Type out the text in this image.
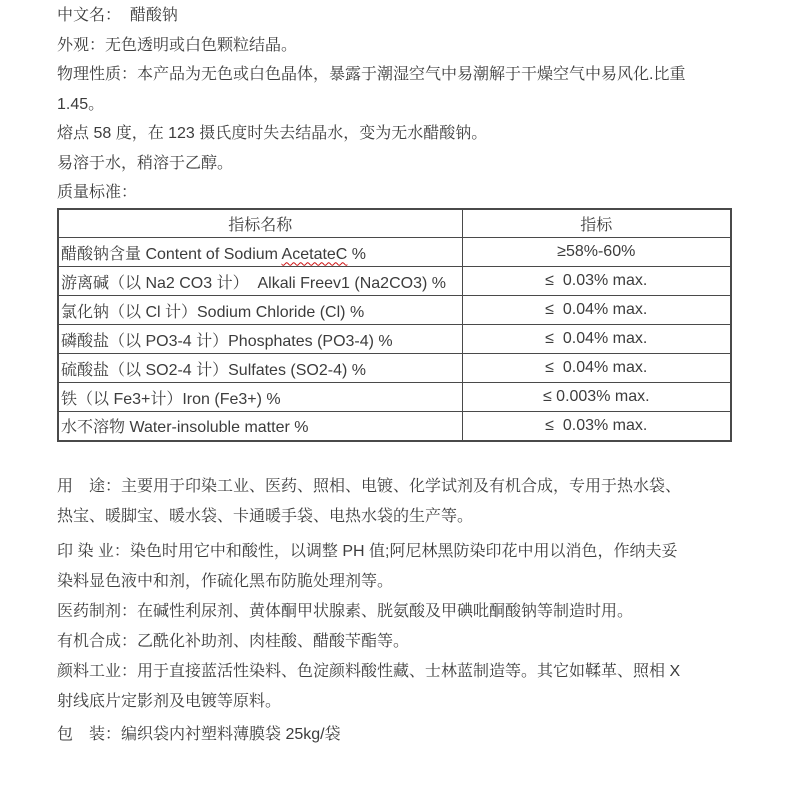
中文名：  醋酸钠
外观：无色透明或白色颗粒结晶。
物理性质：本产品为无色或白色晶体，暴露于潮湿空气中易潮解于干燥空气中易风化.比重
1.45。
熔点 58 度，在 123 摄氏度时失去结晶水，变为无水醋酸钠。
易溶于水，稍溶于乙醇。
质量标准：
指标名称	指标
醋酸钠含量 Content of Sodium AcetateC %	≥58%-60%
游离碱（以 Na2 CO3 计）  Alkali Freev1 (Na2CO3) %	≤  0.03% max.
氯化钠（以 Cl 计）Sodium Chloride (Cl) %	≤  0.04% max.
磷酸盐（以 PO3-4 计）Phosphates (PO3-4) %	≤  0.04% max.
硫酸盐（以 SO2-4 计）Sulfates (SO2-4) %	≤  0.04% max.
铁（以 Fe3+计）Iron (Fe3+) %	≤ 0.003% max.
水不溶物 Water-insoluble matter %	≤  0.03% max.
用　途：主要用于印染工业、医药、照相、电镀、化学试剂及有机合成，专用于热水袋、
热宝、暖脚宝、暖水袋、卡通暖手袋、电热水袋的生产等。
印 染 业：染色时用它中和酸性，以调整 PH 值;阿尼林黑防染印花中用以消色，作纳夫妥
染料显色液中和剂，作硫化黑布防脆处理剂等。
医药制剂：在碱性利尿剂、黄体酮甲状腺素、胱氨酸及甲碘吡酮酸钠等制造时用。
有机合成：乙酰化补助剂、肉桂酸、醋酸苄酯等。
颜料工业：用于直接蓝活性染料、色淀颜料酸性藏、士林蓝制造等。其它如鞣革、照相 X
射线底片定影剂及电镀等原料。
包　装：编织袋内衬塑料薄膜袋 25kg/袋
